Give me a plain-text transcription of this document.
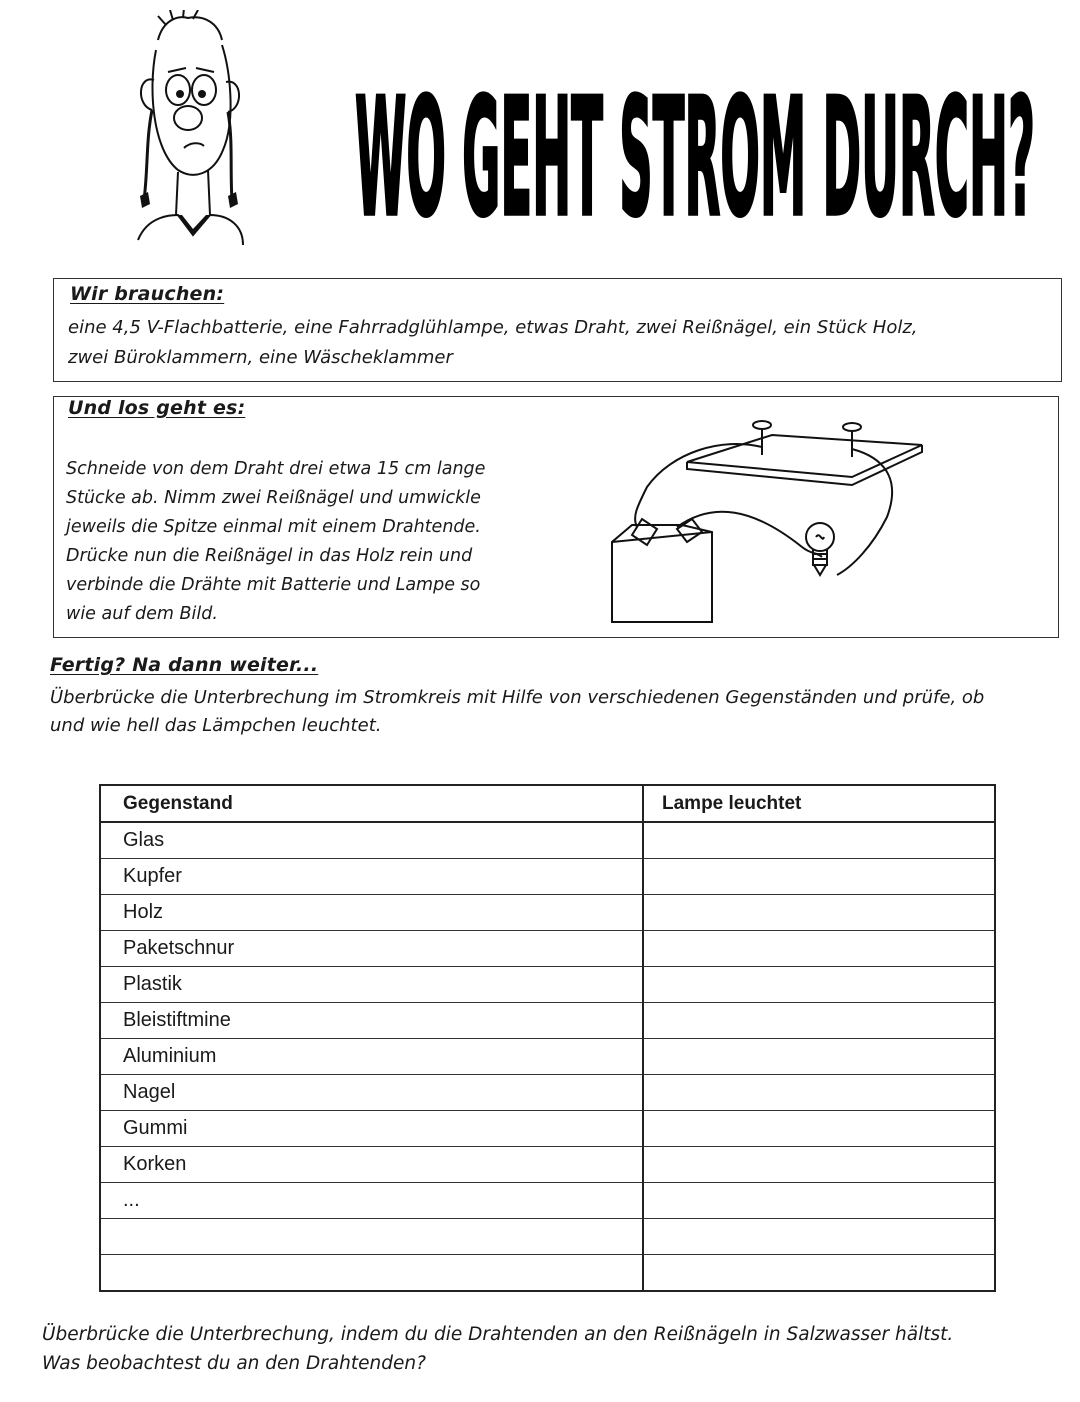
WO GEHT STROM DURCH?
Wir brauchen:
eine 4,5 V-Flachbatterie, eine Fahrradglühlampe, etwas Draht, zwei Reißnägel, ein Stück Holz,
zwei Büroklammern, eine Wäscheklammer
Und los geht es:
Schneide von dem Draht drei etwa 15 cm lange
Stücke ab. Nimm zwei Reißnägel und umwickle
jeweils die Spitze einmal mit einem Drahtende.
Drücke nun die Reißnägel in das Holz rein und
verbinde die Drähte mit Batterie und Lampe so
wie auf dem Bild.
Fertig? Na dann weiter...
Überbrücke die Unterbrechung im Stromkreis mit Hilfe von verschiedenen Gegenständen und prüfe, ob
und wie hell das Lämpchen leuchtet.
Gegenstand	Lampe leuchtet
Glas	
Kupfer	
Holz	
Paketschnur	
Plastik	
Bleistiftmine	
Aluminium	
Nagel	
Gummi	
Korken	
...	

Überbrücke die Unterbrechung, indem du die Drahtenden an den Reißnägeln in Salzwasser hältst.
Was beobachtest du an den Drahtenden?
